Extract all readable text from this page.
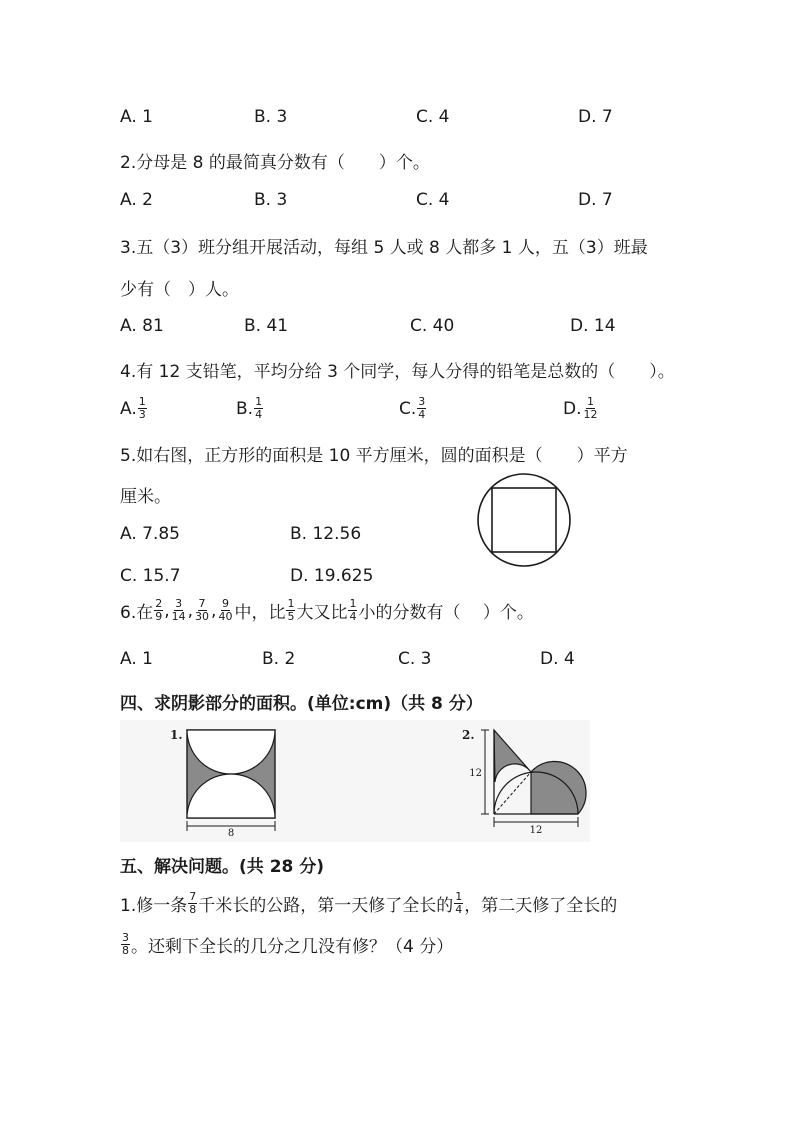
A. 1	B. 3	C. 4	D. 7
2.分母是 8 的最简真分数有（　　）个。
A. 2	B. 3	C. 4	D. 7
3.五（3）班分组开展活动，每组 5 人或 8 人都多 1 人，五（3）班最
少有（　）人。
A. 81	B. 41	C. 40	D. 14
4.有 12 支铅笔，平均分给 3 个同学，每人分得的铅笔是总数的（　　）。
A. $\frac{1}{3}$	B. $\frac{1}{4}$	C. $\frac{3}{4}$	D. $\frac{1}{12}$
5.如右图，正方形的面积是 10 平方厘米，圆的面积是（　　）平方
厘米。
A. 7.85	B. 12.56
C. 15.7	D. 19.625
6.在 $\frac{2}{9}$ , $\frac{3}{14}$ , $\frac{7}{30}$ , $\frac{9}{40}$ 中，比 $\frac{1}{5}$ 大又比 $\frac{1}{4}$ 小的分数有（　 ）个。
A. 1	B. 2	C. 3	D. 4
四、求阴影部分的面积。(单位:cm)（共 8 分）
1.
8
2.
12
12
五、解决问题。(共 28 分)
1.修一条 $\frac{7}{8}$ 千米长的公路，第一天修了全长的 $\frac{1}{4}$ ，第二天修了全长的
$\frac{3}{8}$ 。还剩下全长的几分之几没有修？（4 分）
